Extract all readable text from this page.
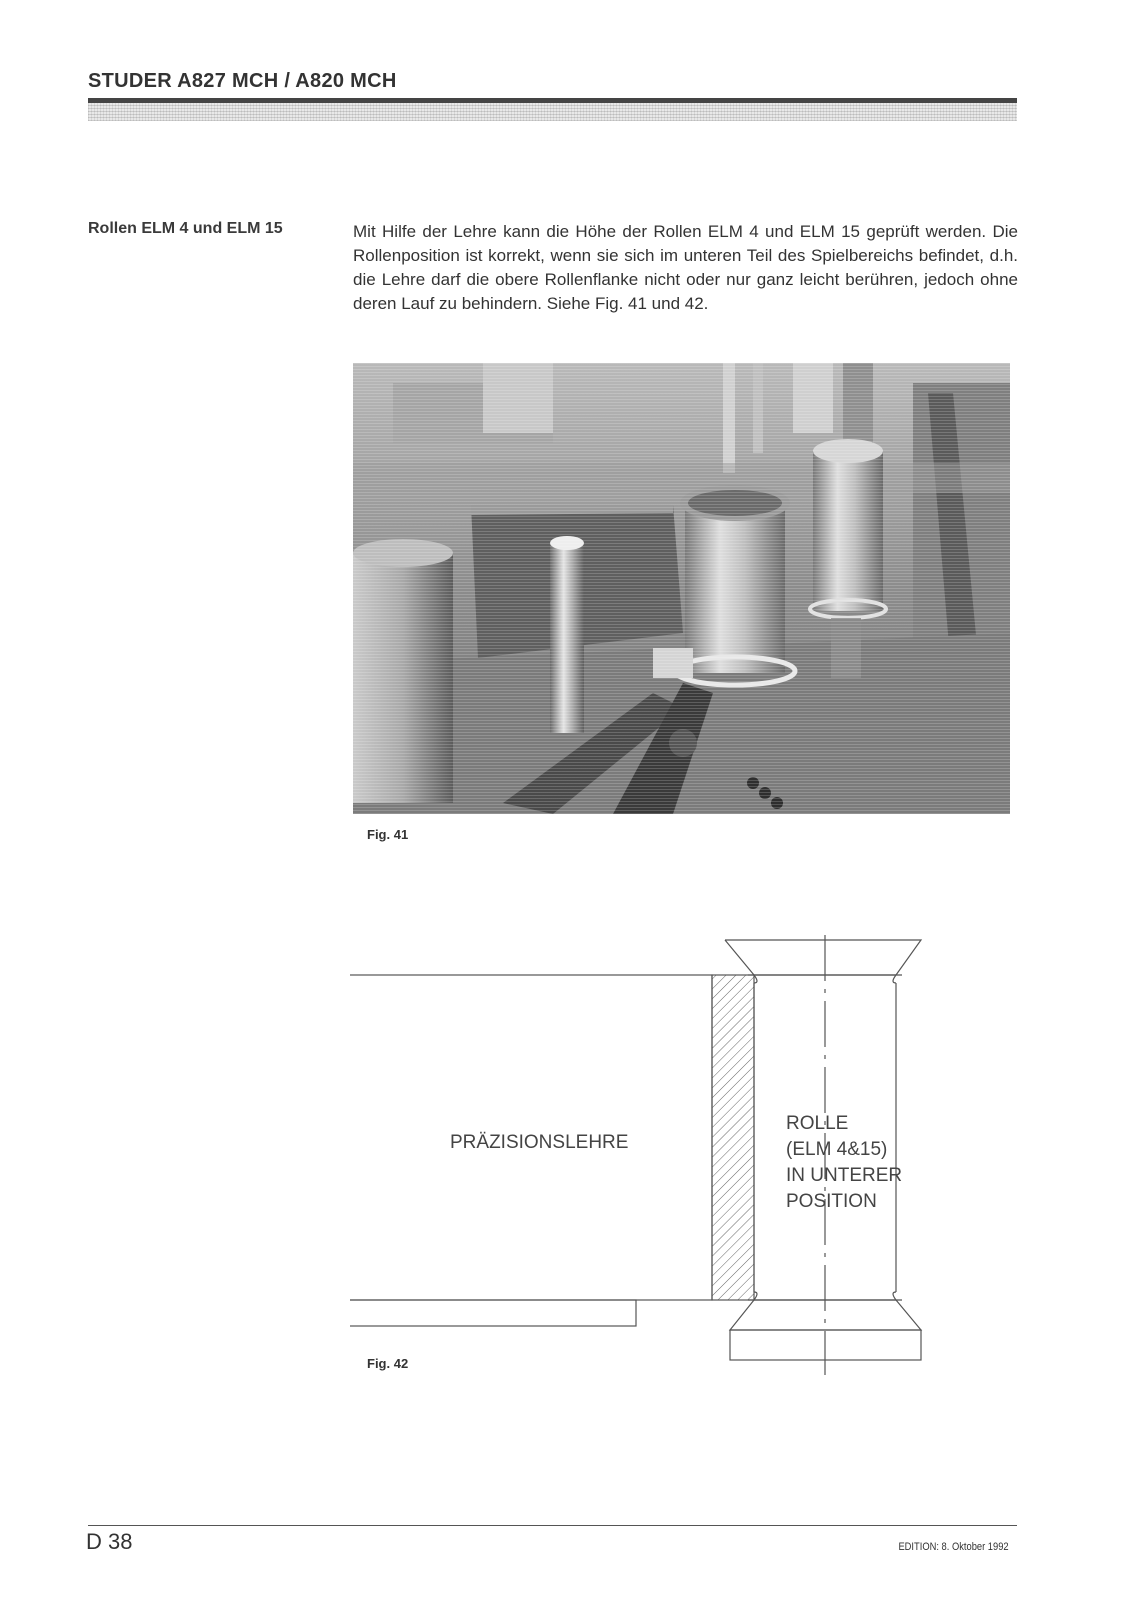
STUDER A827 MCH / A820 MCH
Rollen ELM 4 und ELM 15	Mit Hilfe der Lehre kann die Höhe der Rollen ELM 4 und ELM 15 geprüft werden. Die Rollenposition ist korrekt, wenn sie sich im unteren Teil des Spielbereichs befindet, d.h. die Lehre darf die obere Rollenflanke nicht oder nur ganz leicht berühren, jedoch ohne deren Lauf zu behindern. Siehe Fig. 41 und 42.
Fig. 41
PRÄZISIONSLEHRE
ROLLE
(ELM 4&15)
IN UNTERER
POSITION
Fig. 42
D 38	EDITION: 8. Oktober 1992
